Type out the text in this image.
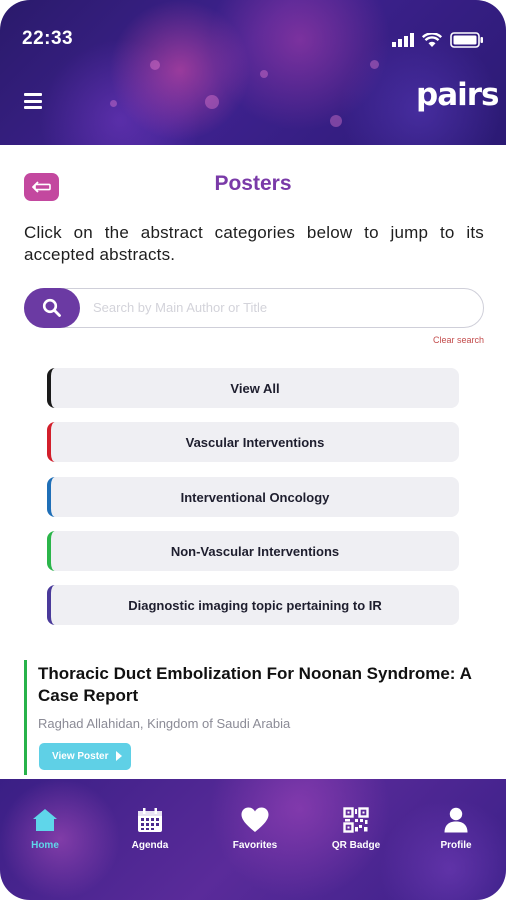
22:33
pairs
Posters

Click on the abstract categories below to jump to its accepted abstracts.

Search by Main Author or Title
Clear search
View All
Vascular Interventions
Interventional Oncology
Non-Vascular Interventions
Diagnostic imaging topic pertaining to IR
Thoracic Duct Embolization For Noonan Syndrome: A Case Report
Raghad Allahidan, Kingdom of Saudi Arabia
View Poster
Home	Agenda	Favorites	QR Badge	Profile
